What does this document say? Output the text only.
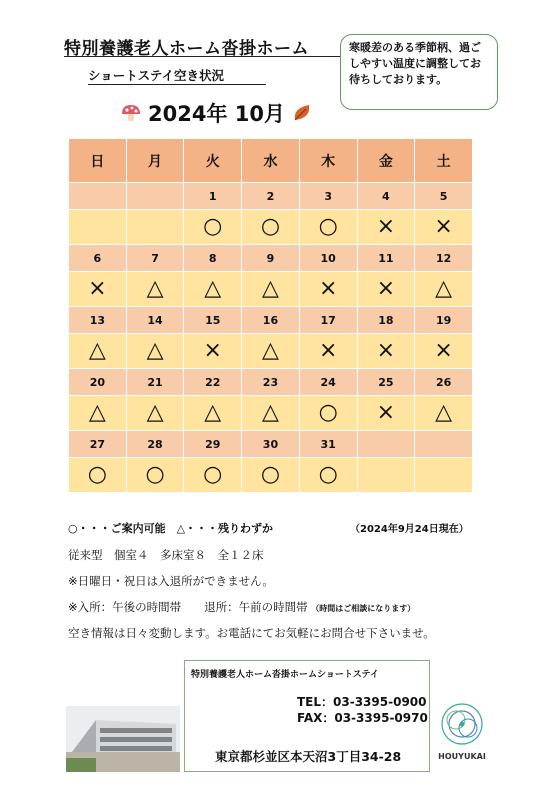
特別養護老人ホーム沓掛ホーム
ショートステイ空き状況
寒暖差のある季節柄、過ごしやすい温度に調整してお待ちしております。
2024年 10月
日	月	火	水	木	金	土
		1	2	3	4	5
		○	○	○	×	×
6	7	8	9	10	11	12
×	△	△	△	×	×	△
13	14	15	16	17	18	19
△	△	×	△	×	×	×
20	21	22	23	24	25	26
△	△	△	△	○	×	△
27	28	29	30	31		
○	○	○	○	○		
○・・・ご案内可能　△・・・残りわずか	（2024年9月24日現在）
従来型　個室４　多床室８　全１２床
※日曜日・祝日は入退所ができません。
※入所：午後の時間帯　　退所：午前の時間帯 （時間はご相談になります）
空き情報は日々変動します。お電話にてお気軽にお問合せ下さいませ。
特別養護老人ホーム沓掛ホームショートステイ
TEL：03-3395-0900
FAX：03-3395-0970
東京都杉並区本天沼3丁目34-28	HOUYUKAI
